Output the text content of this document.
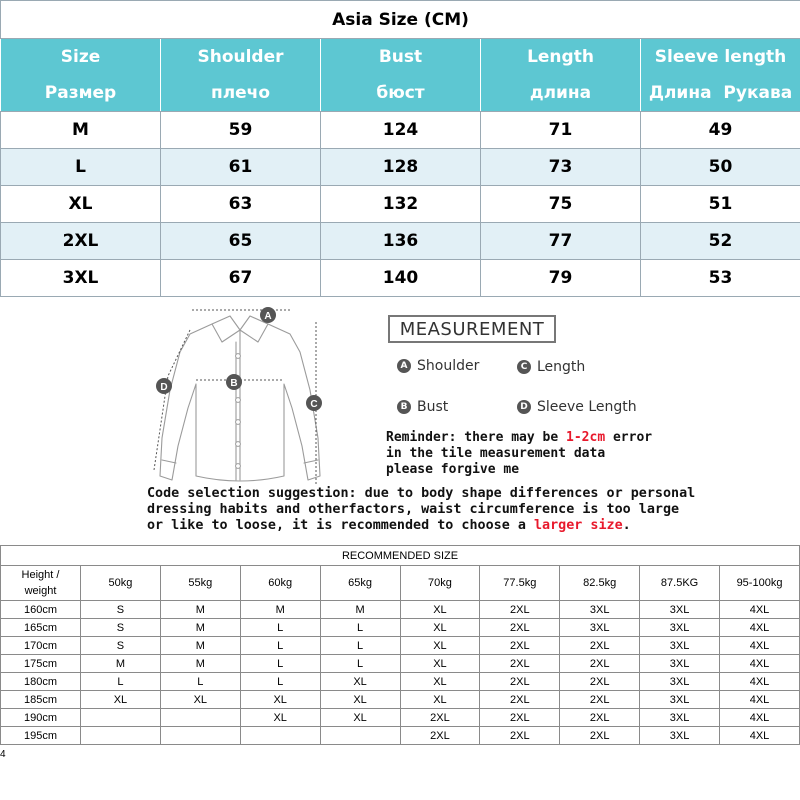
Asia Size (CM)				
Size	Shoulder	Bust	Length	Sleeve length
Размер	плечо	бюст	длина	Длина  Рукава
M	59	124	71	49
L	61	128	73	50
XL	63	132	75	51
2XL	65	136	77	52
3XL	67	140	79	53
A
B
C
D
MEASUREMENT
A Shoulder	C Length
B Bust	D Sleeve Length
Reminder: there may be 1-2cm error
in the tile measurement data
please forgive me
Code selection suggestion: due to body shape differences or personal
dressing habits and otherfactors, waist circumference is too large
or like to loose, it is recommended to choose a larger size.
RECOMMENDED SIZE									

Height /
weight	50kg	55kg	60kg	65kg	70kg	77.5kg	82.5kg	87.5KG	95-100kg
160cm	S	M	M	M	XL	2XL	3XL	3XL	4XL
165cm	S	M	L	L	XL	2XL	3XL	3XL	4XL
170cm	S	M	L	L	XL	2XL	2XL	3XL	4XL
175cm	M	M	L	L	XL	2XL	2XL	3XL	4XL
180cm	L	L	L	XL	XL	2XL	2XL	3XL	4XL
185cm	XL	XL	XL	XL	XL	2XL	2XL	3XL	4XL
190cm			XL	XL	2XL	2XL	2XL	3XL	4XL
195cm					2XL	2XL	2XL	3XL	4XL
4
